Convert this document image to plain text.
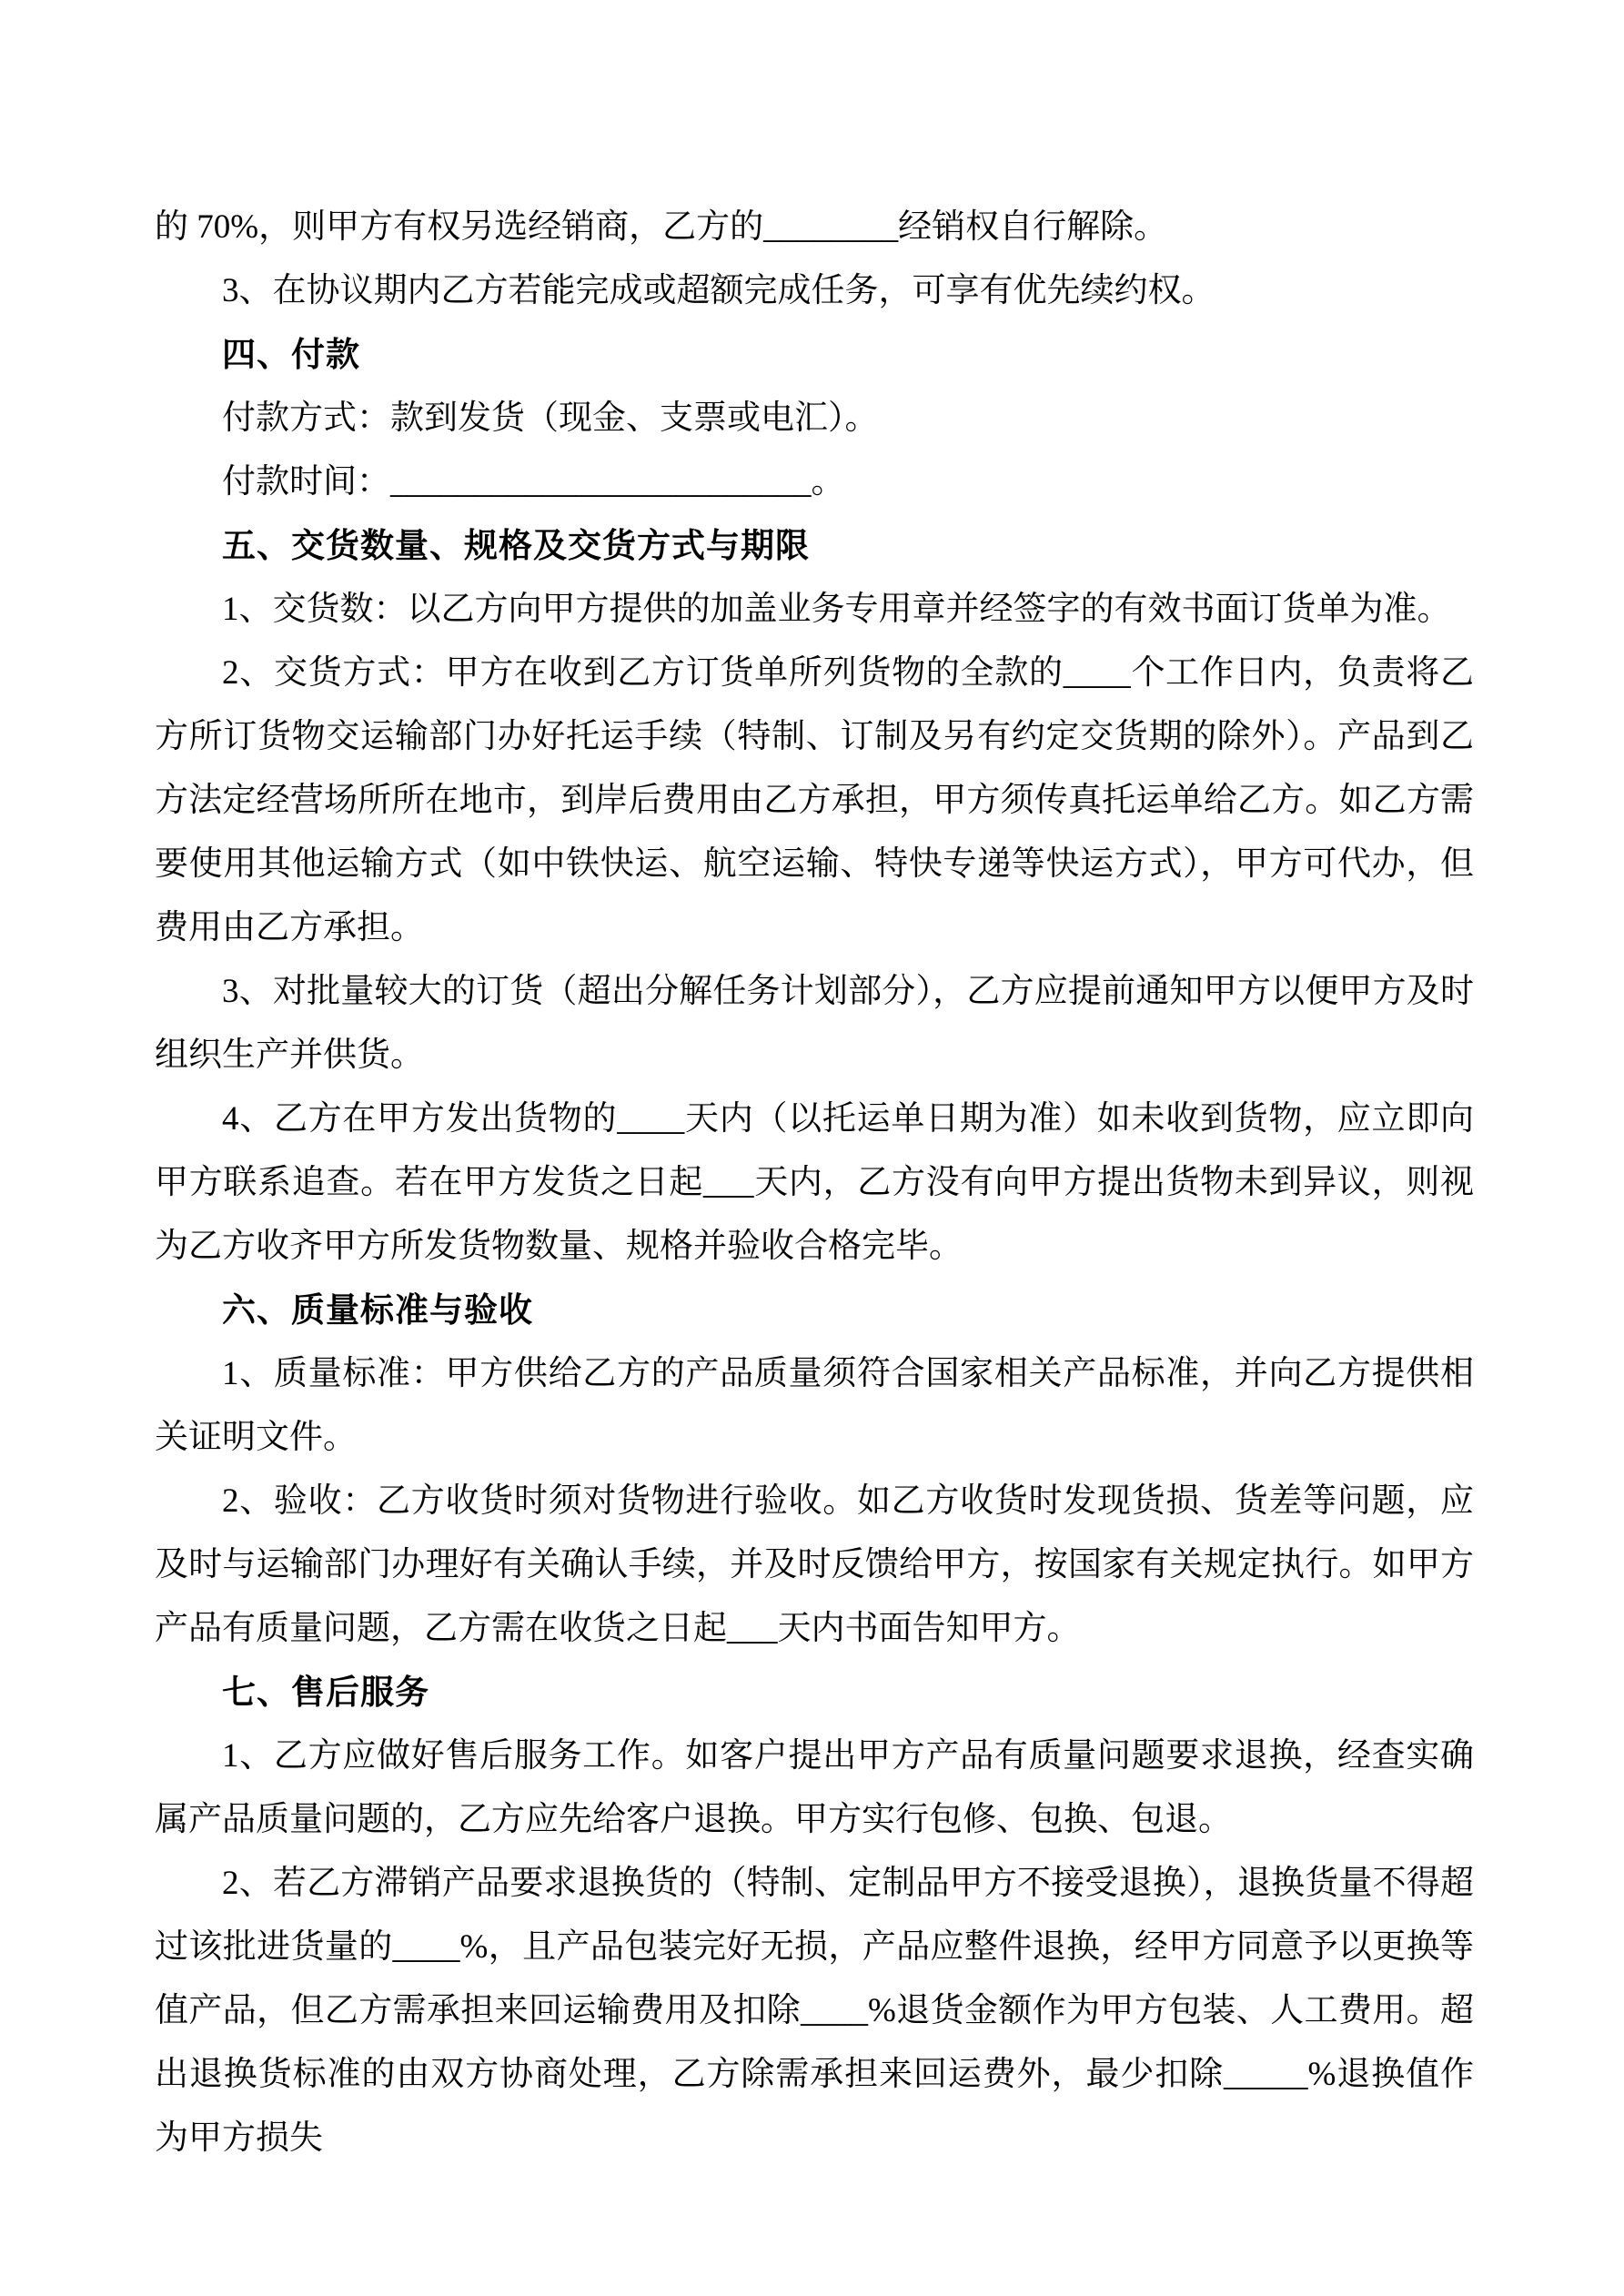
的 70%，则甲方有权另选经销商，乙方的________经销权自行解除。

3、在协议期内乙方若能完成或超额完成任务，可享有优先续约权。

四、付款

付款方式：款到发货（现金、支票或电汇）。

付款时间：_________________________。

五、交货数量、规格及交货方式与期限

1、交货数：以乙方向甲方提供的加盖业务专用章并经签字的有效书面订货单为准。

2、交货方式：甲方在收到乙方订货单所列货物的全款的____个工作日内，负责将乙方所订货物交运输部门办好托运手续（特制、订制及另有约定交货期的除外）。产品到乙方法定经营场所所在地市，到岸后费用由乙方承担，甲方须传真托运单给乙方。如乙方需要使用其他运输方式（如中铁快运、航空运输、特快专递等快运方式），甲方可代办，但费用由乙方承担。

3、对批量较大的订货（超出分解任务计划部分），乙方应提前通知甲方以便甲方及时组织生产并供货。

4、乙方在甲方发出货物的____天内（以托运单日期为准）如未收到货物，应立即向甲方联系追查。若在甲方发货之日起___天内，乙方没有向甲方提出货物未到异议，则视为乙方收齐甲方所发货物数量、规格并验收合格完毕。

六、质量标准与验收

1、质量标准：甲方供给乙方的产品质量须符合国家相关产品标准，并向乙方提供相关证明文件。

2、验收：乙方收货时须对货物进行验收。如乙方收货时发现货损、货差等问题，应及时与运输部门办理好有关确认手续，并及时反馈给甲方，按国家有关规定执行。如甲方产品有质量问题，乙方需在收货之日起___天内书面告知甲方。

七、售后服务

1、乙方应做好售后服务工作。如客户提出甲方产品有质量问题要求退换，经查实确属产品质量问题的，乙方应先给客户退换。甲方实行包修、包换、包退。

2、若乙方滞销产品要求退换货的（特制、定制品甲方不接受退换），退换货量不得超过该批进货量的____%，且产品包装完好无损，产品应整件退换，经甲方同意予以更换等值产品，但乙方需承担来回运输费用及扣除____%退货金额作为甲方包装、人工费用。超出退换货标准的由双方协商处理，乙方除需承担来回运费外，最少扣除_____%退换值作为甲方损失
